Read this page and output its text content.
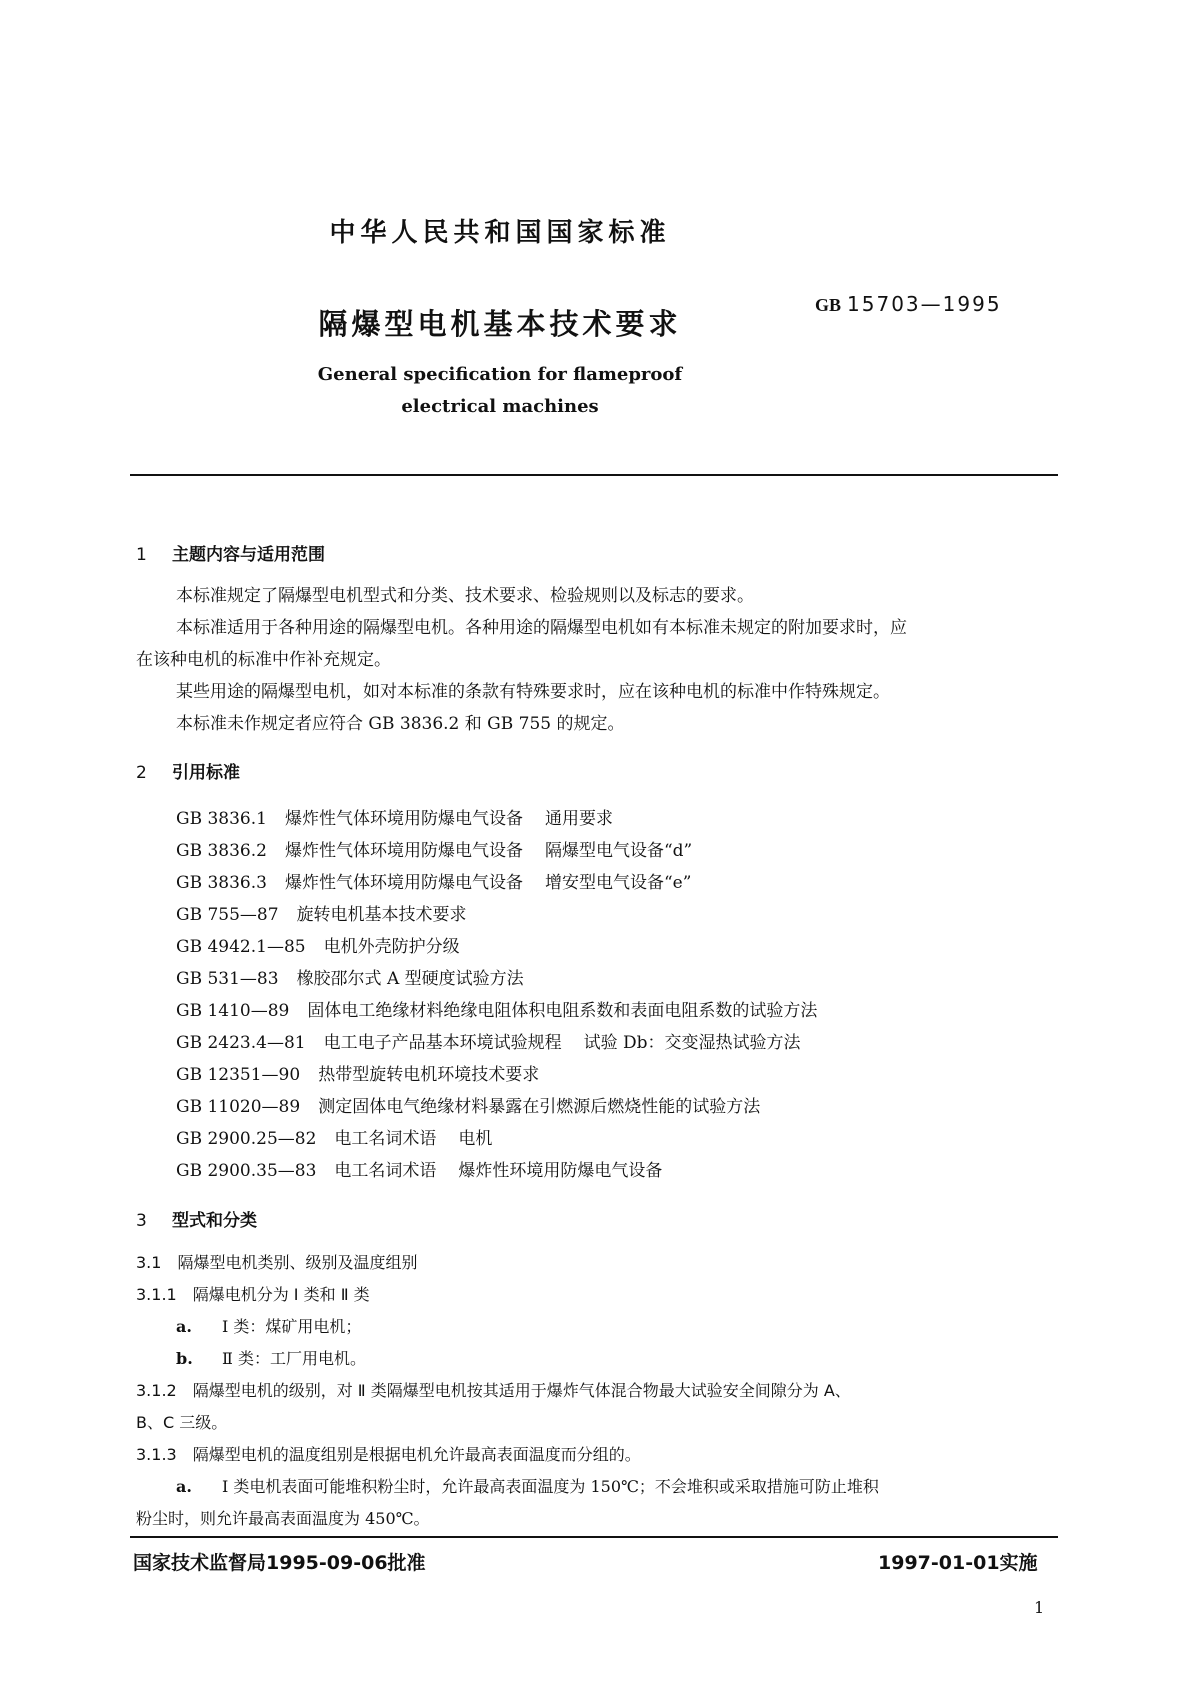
中华人民共和国国家标准
隔爆型电机基本技术要求
GB 15703—1995
General specification for flameproof
electrical machines
1 主题内容与适用范围
本标准规定了隔爆型电机型式和分类、技术要求、检验规则以及标志的要求。
本标准适用于各种用途的隔爆型电机。各种用途的隔爆型电机如有本标准未规定的附加要求时，应
在该种电机的标准中作补充规定。
某些用途的隔爆型电机，如对本标准的条款有特殊要求时，应在该种电机的标准中作特殊规定。
本标准未作规定者应符合 GB 3836.2 和 GB 755 的规定。
2 引用标准
GB 3836.1 爆炸性气体环境用防爆电气设备 通用要求
GB 3836.2 爆炸性气体环境用防爆电气设备 隔爆型电气设备“d”
GB 3836.3 爆炸性气体环境用防爆电气设备 增安型电气设备“e”
GB 755—87 旋转电机基本技术要求
GB 4942.1—85 电机外壳防护分级
GB 531—83 橡胶邵尔式 A 型硬度试验方法
GB 1410—89 固体电工绝缘材料绝缘电阻体积电阻系数和表面电阻系数的试验方法
GB 2423.4—81 电工电子产品基本环境试验规程 试验 Db：交变湿热试验方法
GB 12351—90 热带型旋转电机环境技术要求
GB 11020—89 测定固体电气绝缘材料暴露在引燃源后燃烧性能的试验方法
GB 2900.25—82 电工名词术语 电机
GB 2900.35—83 电工名词术语 爆炸性环境用防爆电气设备
3 型式和分类
3.1 隔爆型电机类别、级别及温度组别
3.1.1 隔爆电机分为 I 类和 Ⅱ 类
a. I 类：煤矿用电机；
b. Ⅱ 类：工厂用电机。
3.1.2 隔爆型电机的级别，对 Ⅱ 类隔爆型电机按其适用于爆炸气体混合物最大试验安全间隙分为 A、
B、C 三级。
3.1.3 隔爆型电机的温度组别是根据电机允许最高表面温度而分组的。
a. I 类电机表面可能堆积粉尘时，允许最高表面温度为 150℃；不会堆积或采取措施可防止堆积
粉尘时，则允许最高表面温度为 450℃。
国家技术监督局1995-09-06批准	1997-01-01实施
1
